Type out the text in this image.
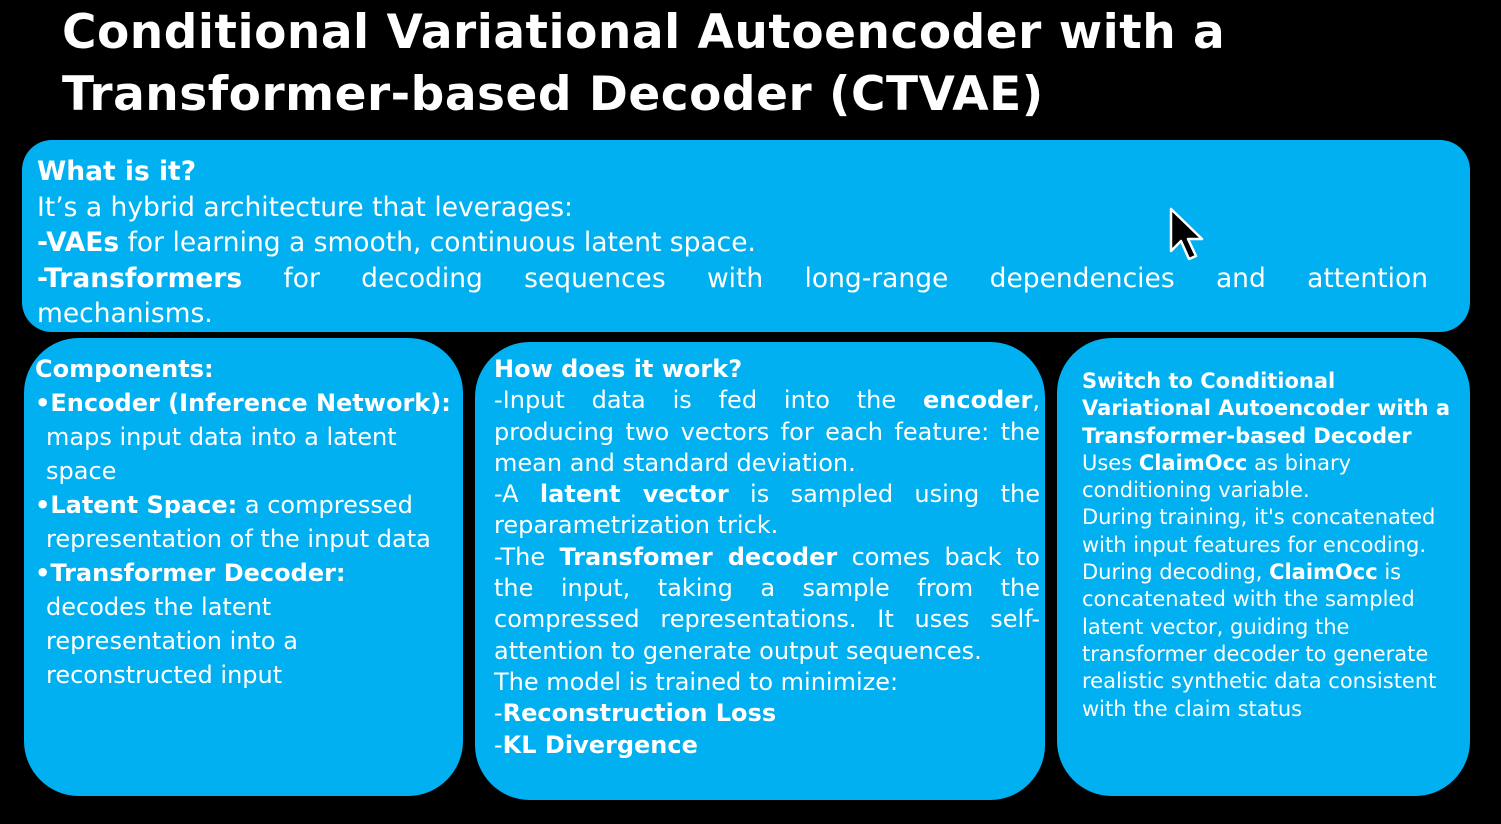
Conditional Variational Autoencoder with a
Transformer-based Decoder (CTVAE)
What is it?
It’s a hybrid architecture that leverages:
-VAEs for learning a smooth, continuous latent space.
-Transformers for decoding sequences with long-range dependencies and attention
mechanisms.
Components:
•Encoder (Inference Network): maps input data into a latent space
•Latent Space: a compressed representation of the input data
•Transformer Decoder: decodes the latent representation into a reconstructed input
How does it work?
-Input data is fed into the encoder, producing two vectors for each feature: the mean and standard deviation.
-A latent vector is sampled using the reparametrization trick.
-The Transfomer decoder comes back to the input, taking a sample from the compressed representations. It uses self-attention to generate output sequences.
The model is trained to minimize:
-Reconstruction Loss
-KL Divergence
Switch to Conditional Variational Autoencoder with a Transformer-based Decoder
Uses ClaimOcc as binary conditioning variable.
During training, it's concatenated with input features for encoding. During decoding, ClaimOcc is concatenated with the sampled latent vector, guiding the transformer decoder to generate realistic synthetic data consistent with the claim status
